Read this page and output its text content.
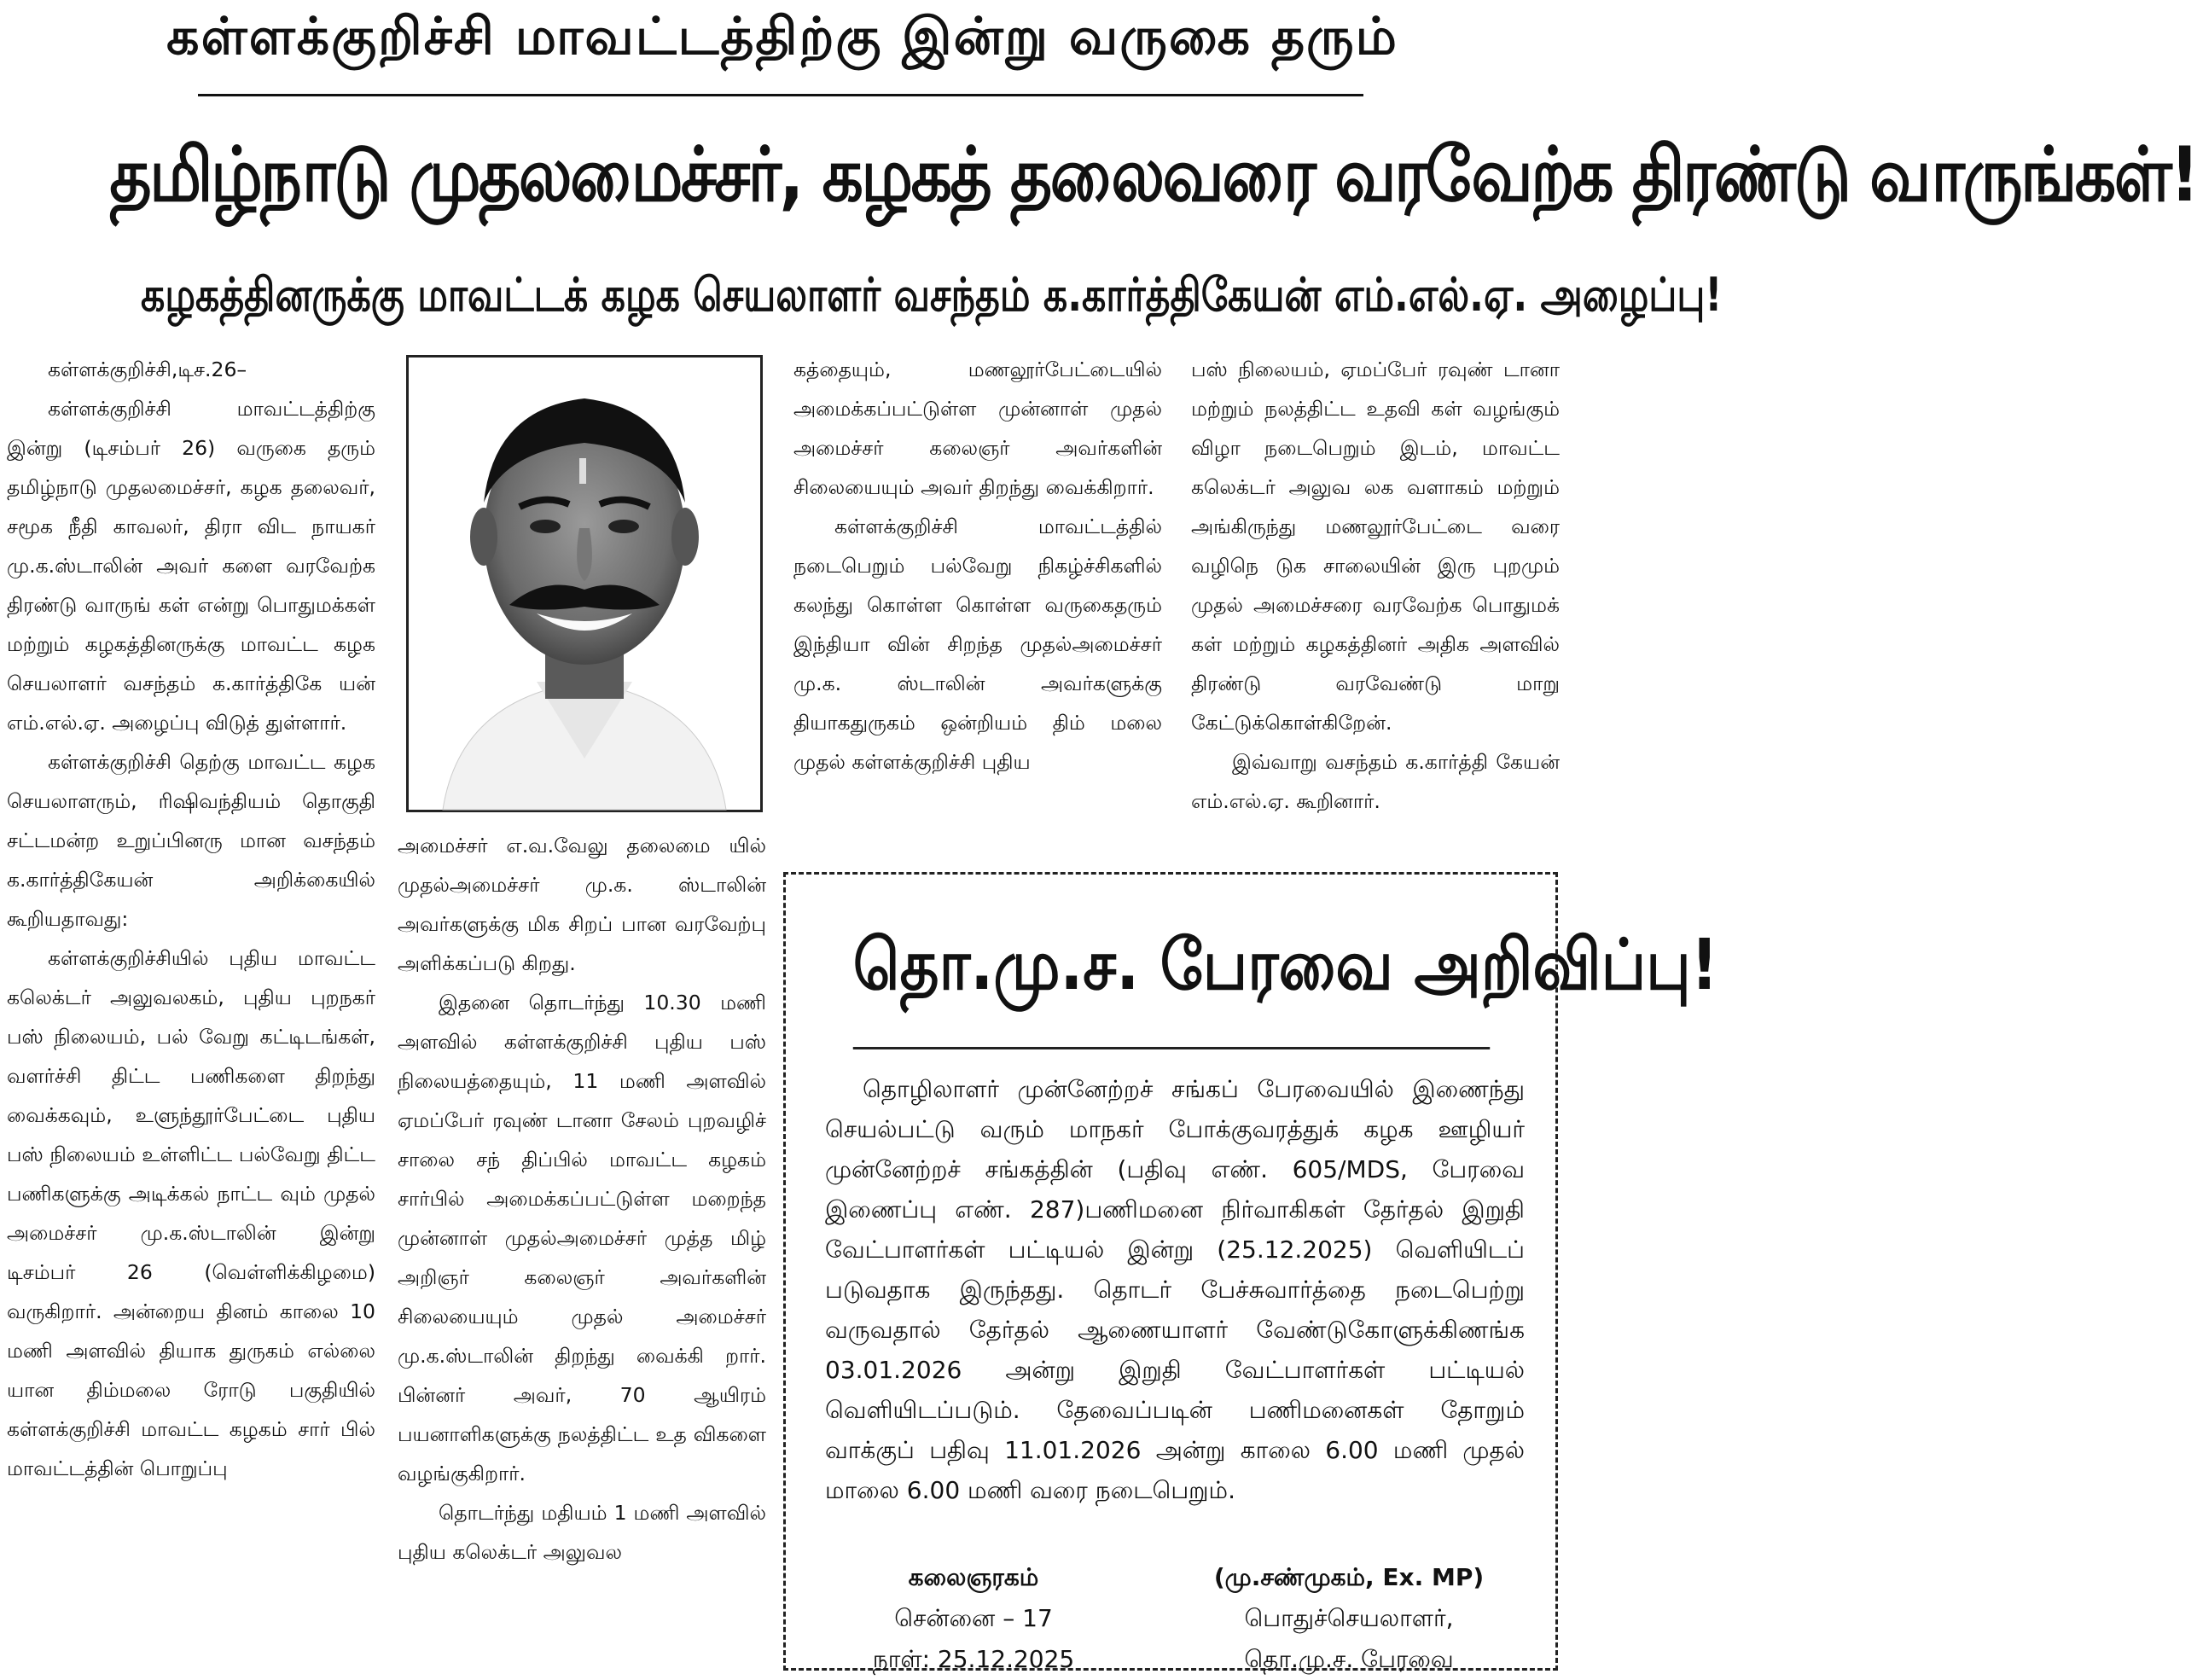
கள்ளக்குறிச்சி மாவட்டத்திற்கு இன்று வருகை தரும்
தமிழ்நாடு முதலமைச்சர், கழகத் தலைவரை வரவேற்க திரண்டு வாருங்கள்!
கழகத்தினருக்கு மாவட்டக் கழக செயலாளர் வசந்தம் க.கார்த்திகேயன் எம்.எல்.ஏ. அழைப்பு!

கள்ளக்குறிச்சி,டிச.26–

கள்ளக்குறிச்சி மாவட்டத்திற்கு இன்று (டிசம்பர் 26) வருகை தரும் தமிழ்நாடு முதலமைச்சர், கழக தலைவர், சமூக நீதி காவலர், திரா விட நாயகர் மு.க.ஸ்டாலின் அவர் களை வரவேற்க திரண்டு வாருங் கள் என்று பொதுமக்கள் மற்றும் கழகத்தினருக்கு மாவட்ட கழக செயலாளர் வசந்தம் க.கார்த்திகே யன் எம்.எல்.ஏ. அழைப்பு விடுத் துள்ளார்.

கள்ளக்குறிச்சி தெற்கு மாவட்ட கழக செயலாளரும், ரிஷிவந்தியம் தொகுதி சட்டமன்ற உறுப்பினரு மான வசந்தம் க.கார்த்திகேயன் அறிக்கையில் கூறியதாவது:

கள்ளக்குறிச்சியில் புதிய மாவட்ட கலெக்டர் அலுவலகம், புதிய புறநகர் பஸ் நிலையம், பல் வேறு கட்டிடங்கள், வளர்ச்சி திட்ட பணிகளை திறந்து வைக்கவும், உளுந்தூர்பேட்டை புதிய பஸ் நிலையம் உள்ளிட்ட பல்வேறு திட்ட பணிகளுக்கு அடிக்கல் நாட்ட வும் முதல் அமைச்சர் மு.க.ஸ்டாலின் இன்று டிசம்பர் 26 (வெள்ளிக்கிழமை) வருகிறார். அன்றைய தினம் காலை 10 மணி அளவில் தியாக துருகம் எல்லை யான திம்மலை ரோடு பகுதியில் கள்ளக்குறிச்சி மாவட்ட கழகம் சார் பில் மாவட்டத்தின் பொறுப்பு

அமைச்சர் எ.வ.வேலு தலைமை யில் முதல்அமைச்சர் மு.க. ஸ்டாலின் அவர்களுக்கு மிக சிறப் பான வரவேற்பு அளிக்கப்படு கிறது.

இதனை தொடர்ந்து 10.30 மணி அளவில் கள்ளக்குறிச்சி புதிய பஸ் நிலையத்தையும், 11 மணி அளவில் ஏமப்பேர் ரவுண் டானா சேலம் புறவழிச் சாலை சந் திப்பில் மாவட்ட கழகம் சார்பில் அமைக்கப்பட்டுள்ள மறைந்த முன்னாள் முதல்அமைச்சர் முத்த மிழ் அறிஞர் கலைஞர் அவர்களின் சிலையையும் முதல் அமைச்சர் மு.க.ஸ்டாலின் திறந்து வைக்கி றார். பின்னர் அவர், 70 ஆயிரம் பயனாளிகளுக்கு நலத்திட்ட உத விகளை வழங்குகிறார்.

தொடர்ந்து மதியம் 1 மணி அளவில் புதிய கலெக்டர் அலுவல

கத்தையும், மணலூர்பேட்டையில் அமைக்கப்பட்டுள்ள முன்னாள் முதல் அமைச்சர் கலைஞர் அவர்களின் சிலையையும் அவர் திறந்து வைக்கிறார்.

கள்ளக்குறிச்சி மாவட்டத்தில் நடைபெறும் பல்வேறு நிகழ்ச்சிகளில் கலந்து கொள்ள கொள்ள வருகைதரும் இந்தியா வின் சிறந்த முதல்அமைச்சர் மு.க. ஸ்டாலின் அவர்களுக்கு தியாகதுருகம் ஒன்றியம் திம் மலை முதல் கள்ளக்குறிச்சி புதிய

பஸ் நிலையம், ஏமப்பேர் ரவுண் டானா மற்றும் நலத்திட்ட உதவி கள் வழங்கும் விழா நடைபெறும் இடம், மாவட்ட கலெக்டர் அலுவ லக வளாகம் மற்றும் அங்கிருந்து மணலூர்பேட்டை வரை வழிநெ டுக சாலையின் இரு புறமும் முதல் அமைச்சரை வரவேற்க பொதுமக் கள் மற்றும் கழகத்தினர் அதிக அளவில் திரண்டு வரவேண்டு மாறு கேட்டுக்கொள்கிறேன்.

இவ்வாறு வசந்தம் க.கார்த்தி கேயன் எம்.எல்.ஏ. கூறினார்.

தொ.மு.ச. பேரவை அறிவிப்பு!

தொழிலாளர் முன்னேற்றச் சங்கப் பேரவையில் இணைந்து செயல்பட்டு வரும் மாநகர் போக்குவரத்துக் கழக ஊழியர் முன்னேற்றச் சங்கத்தின் (பதிவு எண். 605/MDS, பேரவை இணைப்பு எண். 287)பணிமனை நிர்வாகிகள் தேர்தல் இறுதி வேட்பாளர்கள் பட்டியல் இன்று (25.12.2025) வெளியிடப் படுவதாக இருந்தது. தொடர் பேச்சுவார்த்தை நடைபெற்று வருவதால் தேர்தல் ஆணையாளர் வேண்டுகோளுக்கிணங்க 03.01.2026 அன்று இறுதி வேட்பாளர்கள் பட்டியல் வெளியிடப்படும். தேவைப்படின் பணிமனைகள் தோறும் வாக்குப் பதிவு 11.01.2026 அன்று காலை 6.00 மணி முதல் மாலை 6.00 மணி வரை நடைபெறும்.

கலைஞரகம்
சென்னை – 17
நாள்: 25.12.2025
(மு.சண்முகம், Ex. MP)
பொதுச்செயலாளர்,
தொ.மு.ச. பேரவை
